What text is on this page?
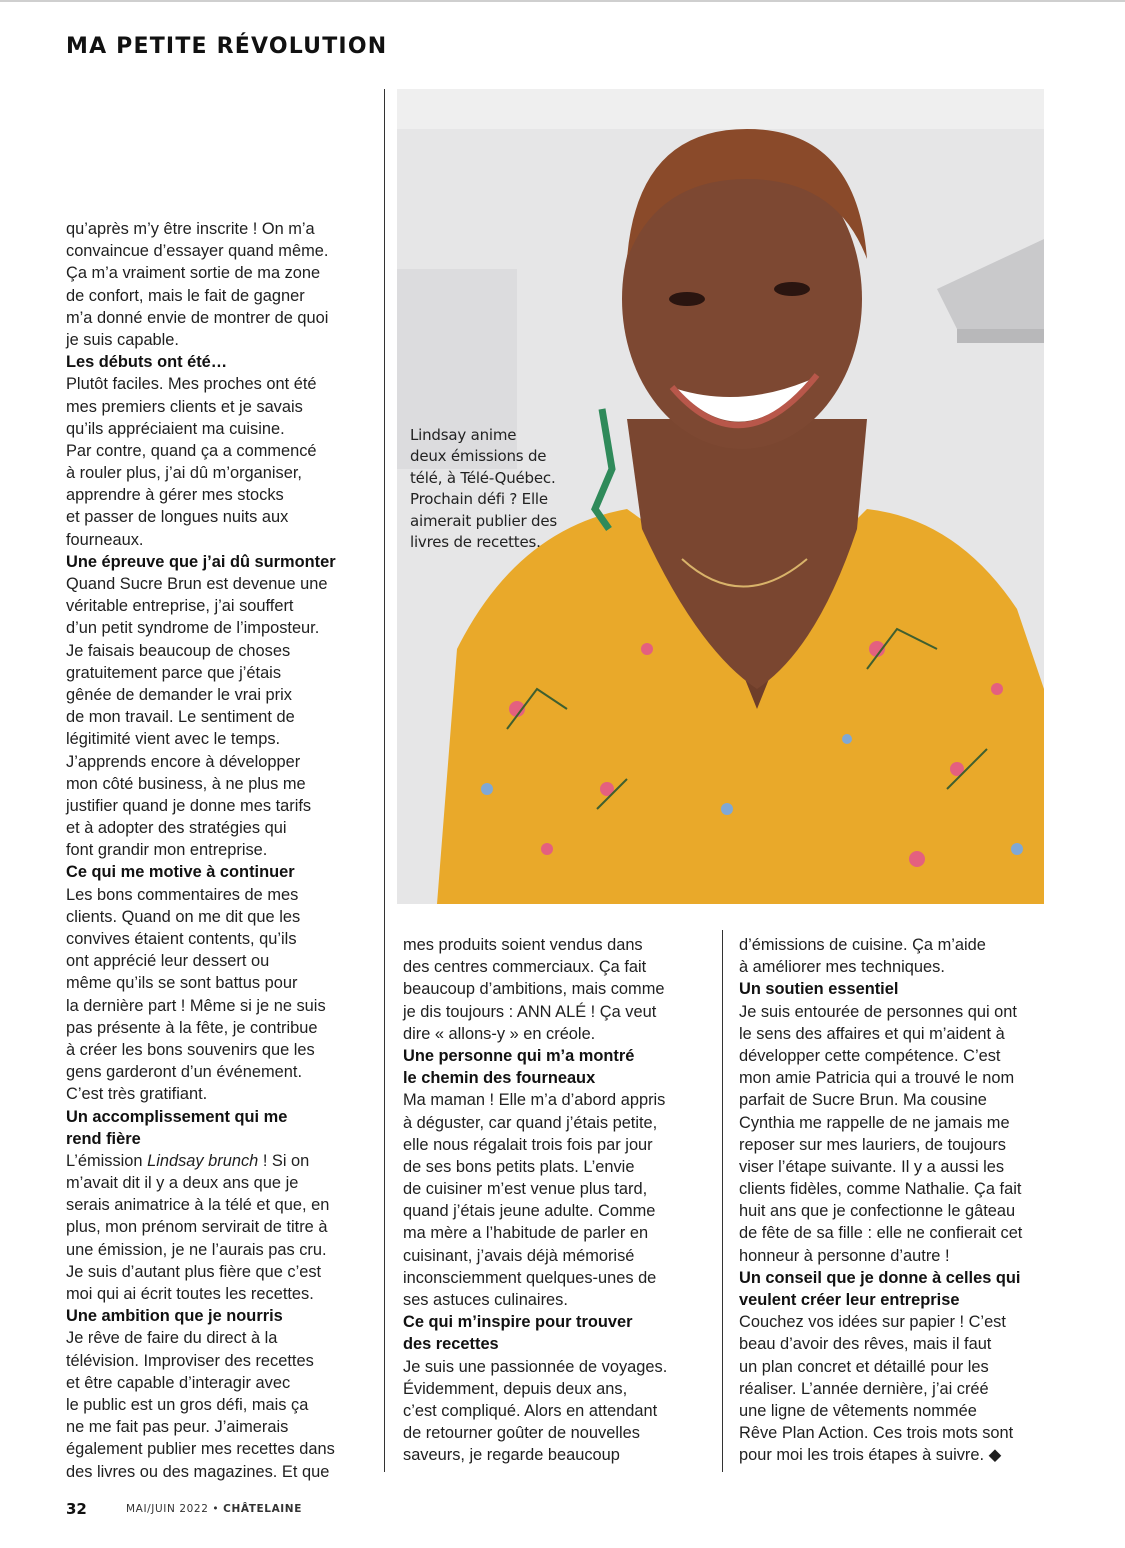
MA PETITE RÉVOLUTION
qu’après m’y être inscrite ! On m’a
convaincue d’essayer quand même.
Ça m’a vraiment sortie de ma zone
de confort, mais le fait de gagner
m’a donné envie de montrer de quoi
je suis capable.
Les débuts ont été…
Plutôt faciles. Mes proches ont été
mes premiers clients et je savais
qu’ils appréciaient ma cuisine.
Par contre, quand ça a commencé
à rouler plus, j’ai dû m’organiser,
apprendre à gérer mes stocks
et passer de longues nuits aux
fourneaux.
Une épreuve que j’ai dû surmonter
Quand Sucre Brun est devenue une
véritable entreprise, j’ai souffert
d’un petit syndrome de l’imposteur.
Je faisais beaucoup de choses
gratuitement parce que j’étais
gênée de demander le vrai prix
de mon travail. Le sentiment de
légitimité vient avec le temps.
J’apprends encore à développer
mon côté business, à ne plus me
justifier quand je donne mes tarifs
et à adopter des stratégies qui
font grandir mon entreprise.
Ce qui me motive à continuer
Les bons commentaires de mes
clients. Quand on me dit que les
convives étaient contents, qu’ils
ont apprécié leur dessert ou
même qu’ils se sont battus pour
la dernière part ! Même si je ne suis
pas présente à la fête, je contribue
à créer les bons souvenirs que les
gens garderont d’un événement.
C’est très gratifiant.
Un accomplissement qui me
rend fière
L’émission Lindsay brunch ! Si on
m’avait dit il y a deux ans que je
serais animatrice à la télé et que, en
plus, mon prénom servirait de titre à
une émission, je ne l’aurais pas cru.
Je suis d’autant plus fière que c’est
moi qui ai écrit toutes les recettes.
Une ambition que je nourris
Je rêve de faire du direct à la
télévision. Improviser des recettes
et être capable d’interagir avec
le public est un gros défi, mais ça
ne me fait pas peur. J’aimerais
également publier mes recettes dans
des livres ou des magazines. Et que
mes produits soient vendus dans
des centres commerciaux. Ça fait
beaucoup d’ambitions, mais comme
je dis toujours : ANN ALÉ ! Ça veut
dire « allons-y » en créole.
Une personne qui m’a montré
le chemin des fourneaux
Ma maman ! Elle m’a d’abord appris
à déguster, car quand j’étais petite,
elle nous régalait trois fois par jour
de ses bons petits plats. L’envie
de cuisiner m’est venue plus tard,
quand j’étais jeune adulte. Comme
ma mère a l’habitude de parler en
cuisinant, j’avais déjà mémorisé
inconsciemment quelques-unes de
ses astuces culinaires.
Ce qui m’inspire pour trouver
des recettes
Je suis une passionnée de voyages.
Évidemment, depuis deux ans,
c’est compliqué. Alors en attendant
de retourner goûter de nouvelles
saveurs, je regarde beaucoup
d’émissions de cuisine. Ça m’aide
à améliorer mes techniques.
Un soutien essentiel
Je suis entourée de personnes qui ont
le sens des affaires et qui m’aident à
développer cette compétence. C’est
mon amie Patricia qui a trouvé le nom
parfait de Sucre Brun. Ma cousine
Cynthia me rappelle de ne jamais me
reposer sur mes lauriers, de toujours
viser l’étape suivante. Il y a aussi les
clients fidèles, comme Nathalie. Ça fait
huit ans que je confectionne le gâteau
de fête de sa fille : elle ne confierait cet
honneur à personne d’autre !
Un conseil que je donne à celles qui
veulent créer leur entreprise
Couchez vos idées sur papier ! C’est
beau d’avoir des rêves, mais il faut
un plan concret et détaillé pour les
réaliser. L’année dernière, j’ai créé
une ligne de vêtements nommée
Rêve Plan Action. Ces trois mots sont
pour moi les trois étapes à suivre. ◆
Lindsay anime
deux émissions de
télé, à Télé-Québec.
Prochain défi ? Elle
aimerait publier des
livres de recettes.
32	MAI/JUIN 2022 • CHÂTELAINE
